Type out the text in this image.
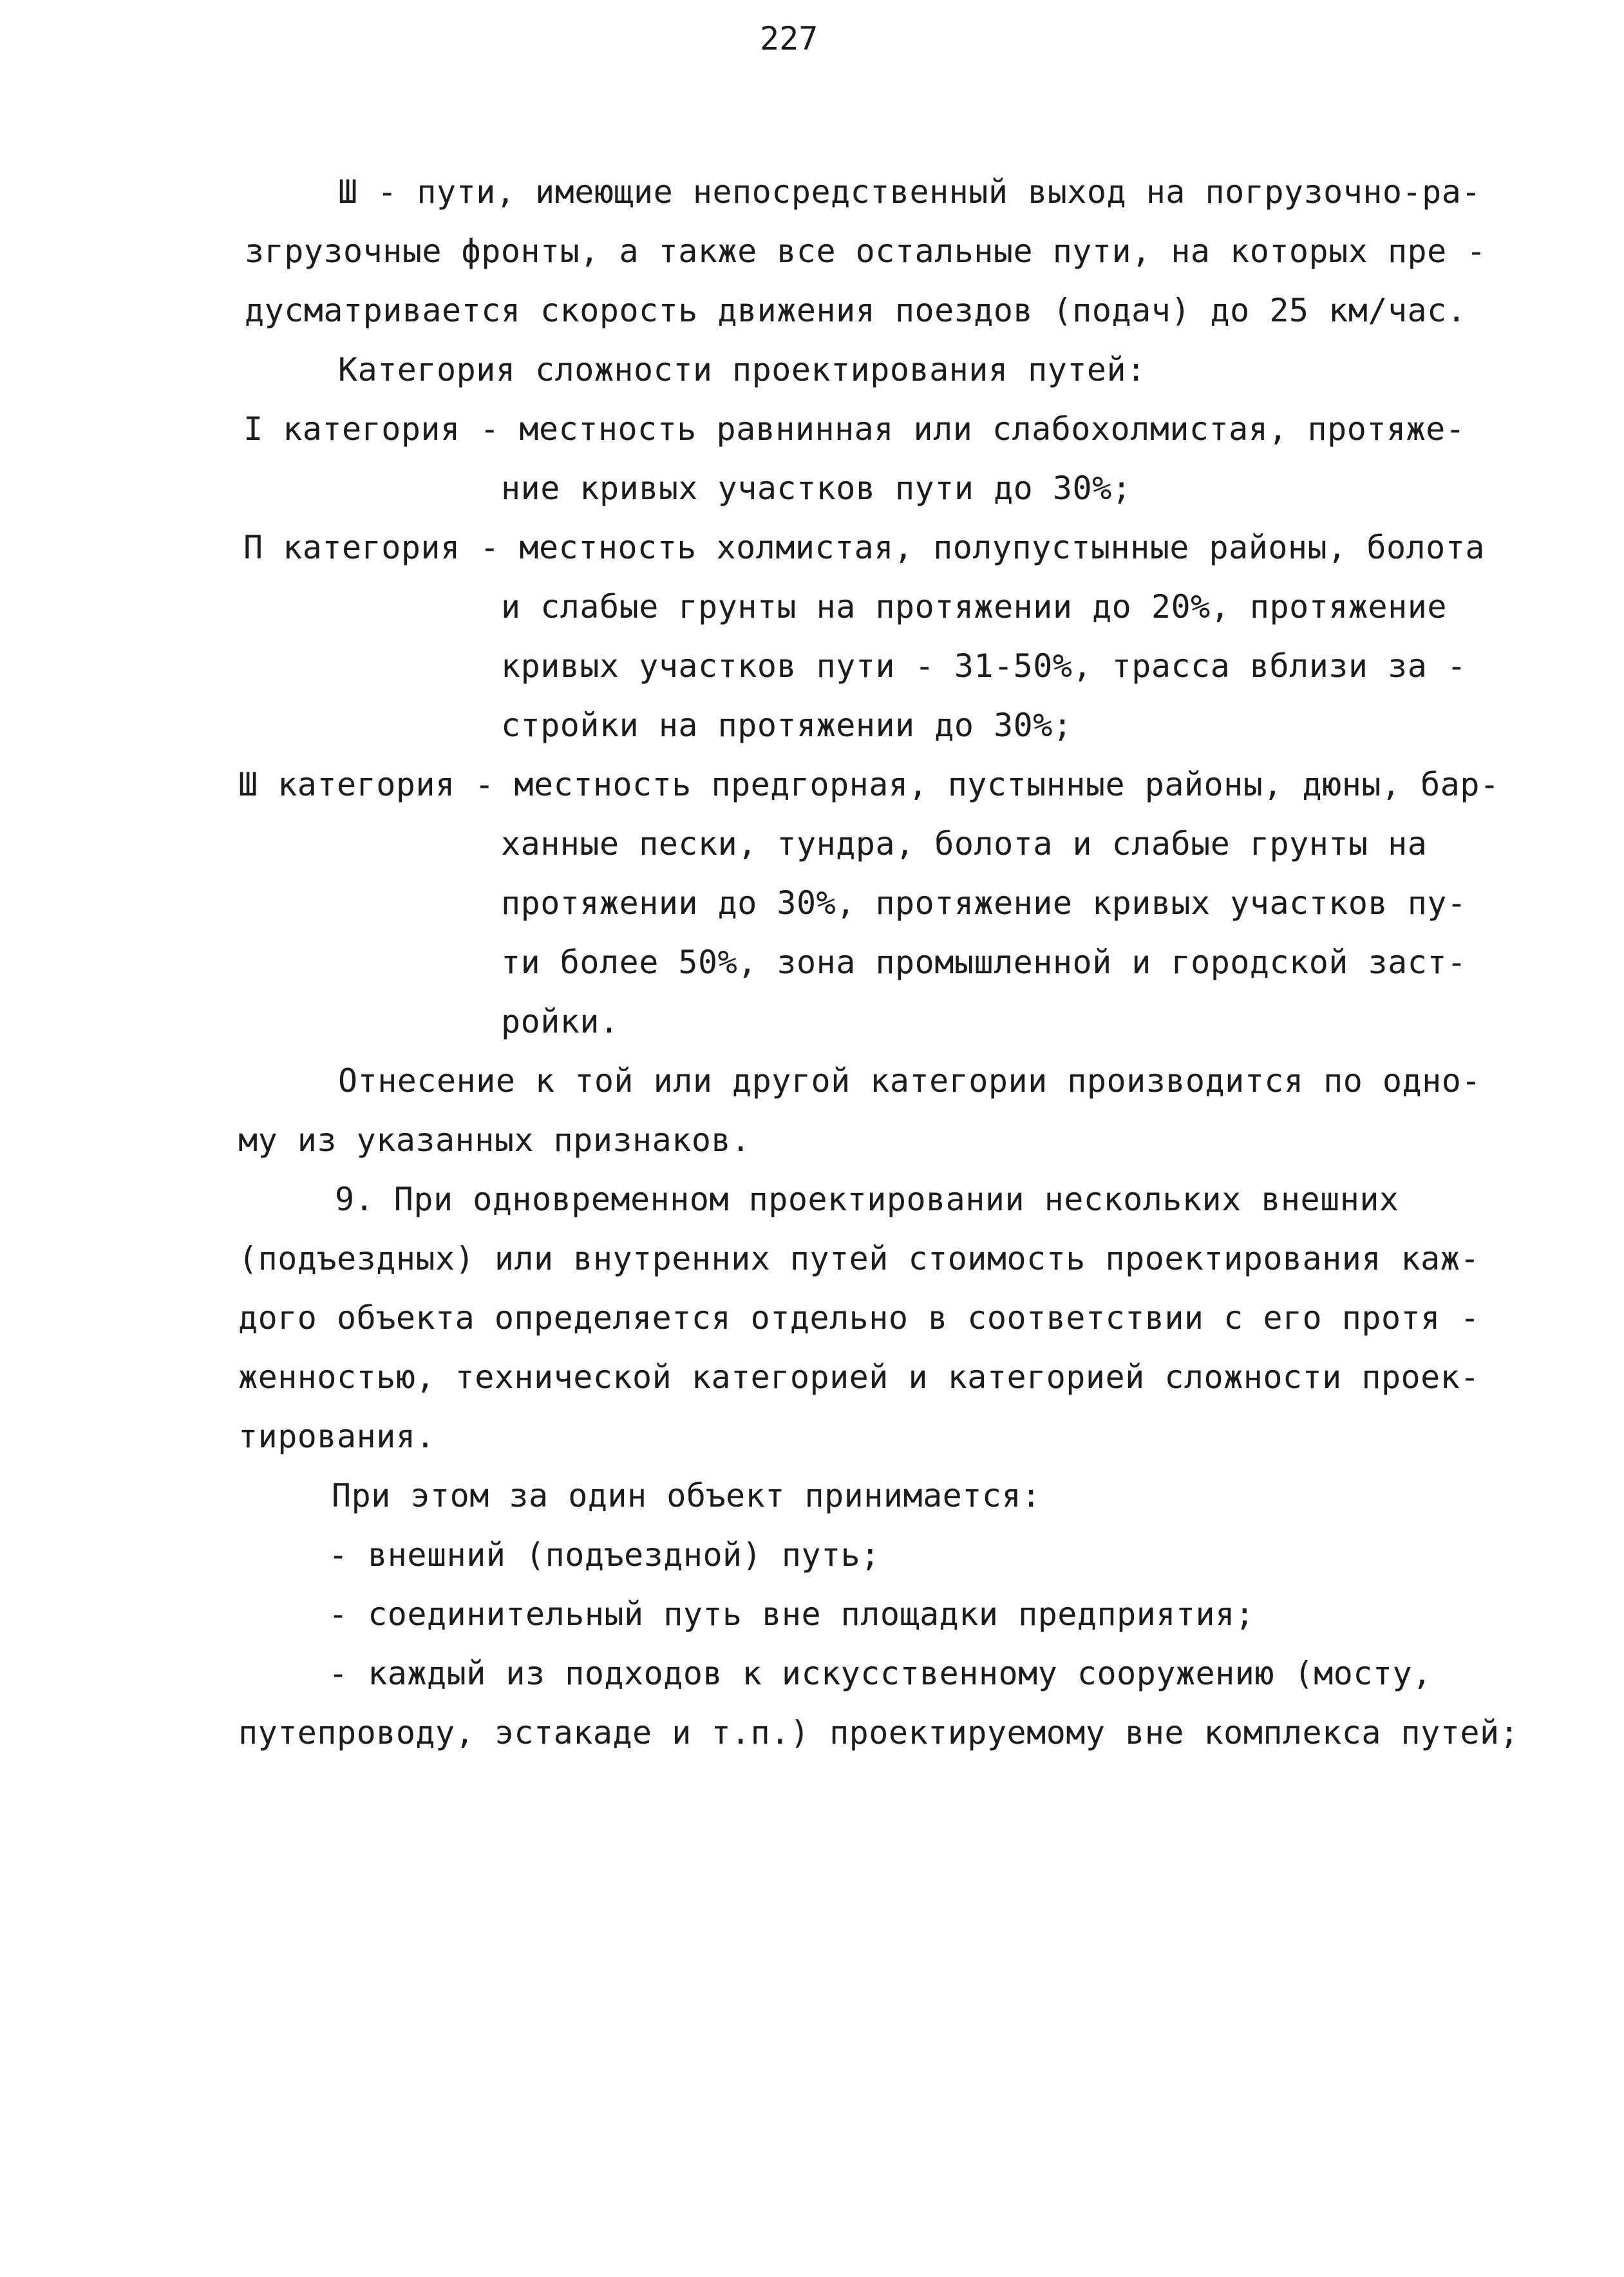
227
Ш - пути, имеющие непосредственный выход на погрузочно-ра-
згрузочные фронты, а также все остальные пути, на которых пре -
дусматривается скорость движения поездов (подач) до 25 км/час.
Категория сложности проектирования путей:
I категория - местность равнинная или слабохолмистая, протяже-
ние кривых участков пути до 30%;
П категория - местность холмистая, полупустынные районы, болота
и слабые грунты на протяжении до 20%, протяжение
кривых участков пути - 31-50%, трасса вблизи за -
стройки на протяжении до 30%;
Ш категория - местность предгорная, пустынные районы, дюны, бар-
ханные пески, тундра, болота и слабые грунты на
протяжении до 30%, протяжение кривых участков пу-
ти более 50%, зона промышленной и городской заст-
ройки.
Отнесение к той или другой категории производится по одно-
му из указанных признаков.
9. При одновременном проектировании нескольких внешних
(подъездных) или внутренних путей стоимость проектирования каж-
дого объекта определяется отдельно в соответствии с его протя -
женностью, технической категорией и категорией сложности проек-
тирования.
При этом за один объект принимается:
- внешний (подъездной) путь;
- соединительный путь вне площадки предприятия;
- каждый из подходов к искусственному сооружению (мосту,
путепроводу, эстакаде и т.п.) проектируемому вне комплекса путей;
